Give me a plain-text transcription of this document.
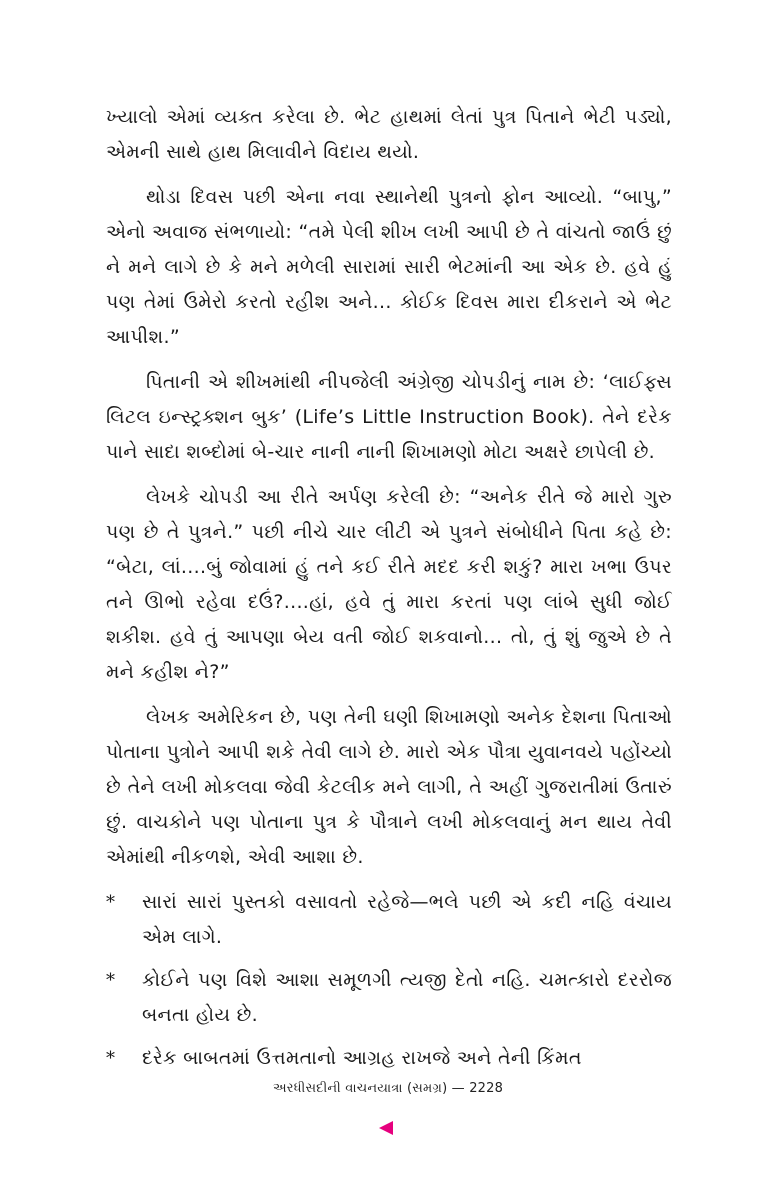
ખ્યાલો એમાં વ્યક્ત કરેલા છે. ભેટ હાથમાં લેતાં પુત્ર પિતાને ભેટી પડ્યો, એમની સાથે હાથ મિલાવીને વિદાય થયો.

થોડા દિવસ પછી એના નવા સ્થાનેથી પુત્રનો ફોન આવ્યો. “બાપુ,” એનો અવાજ સંભળાયો: “તમે પેલી શીખ લખી આપી છે તે વાંચતો જાઉં છું ને મને લાગે છે કે મને મળેલી સારામાં સારી ભેટમાંની આ એક છે. હવે હું પણ તેમાં ઉમેરો કરતો રહીશ અને... કોઈક દિવસ મારા દીકરાને એ ભેટ આપીશ.”

પિતાની એ શીખમાંથી નીપજેલી અંગ્રેજી ચોપડીનું નામ છે: ‘લાઈફ્સ લિટલ ઇન્સ્ટ્રક્શન બુક’ (Life’s Little Instruction Book). તેને દરેક પાને સાદા શબ્દોમાં બે-ચાર નાની નાની શિખામણો મોટા અક્ષરે છાપેલી છે.

લેખકે ચોપડી આ રીતે અર્પણ કરેલી છે: “અનેક રીતે જે મારો ગુરુ પણ છે તે પુત્રને.” પછી નીચે ચાર લીટી એ પુત્રને સંબોધીને પિતા કહે છે: “બેટા, લાં....બું જોવામાં હું તને કઈ રીતે મદદ કરી શકું? મારા ખભા ઉપર તને ઊભો રહેવા દઉં?....હાં, હવે તું મારા કરતાં પણ લાંબે સુધી જોઈ શકીશ. હવે તું આપણા બેય વતી જોઈ શકવાનો... તો, તું શું જુએ છે તે મને કહીશ ને?”

લેખક અમેરિકન છે, પણ તેની ઘણી શિખામણો અનેક દેશના પિતાઓ પોતાના પુત્રોને આપી શકે તેવી લાગે છે. મારો એક પૌત્રા યુવાનવયે પહોંચ્યો છે તેને લખી મોકલવા જેવી કેટલીક મને લાગી, તે અહીં ગુજરાતીમાં ઉતારું છું. વાચકોને પણ પોતાના પુત્ર કે પૌત્રાને લખી મોકલવાનું મન થાય તેવી એમાંથી નીકળશે, એવી આશા છે.

* સારાં સારાં પુસ્તકો વસાવતો રહેજે—ભલે પછી એ કદી નહિ વંચાય એમ લાગે.
* કોઈને પણ વિશે આશા સમૂળગી ત્યજી દેતો નહિ. ચમત્કારો દરરોજ બનતા હોય છે.
* દરેક બાબતમાં ઉત્તમતાનો આગ્રહ રાખજે અને તેની કિંમત
અરધીસદીની વાચનયાત્રા (સમગ્ર) — 2228
